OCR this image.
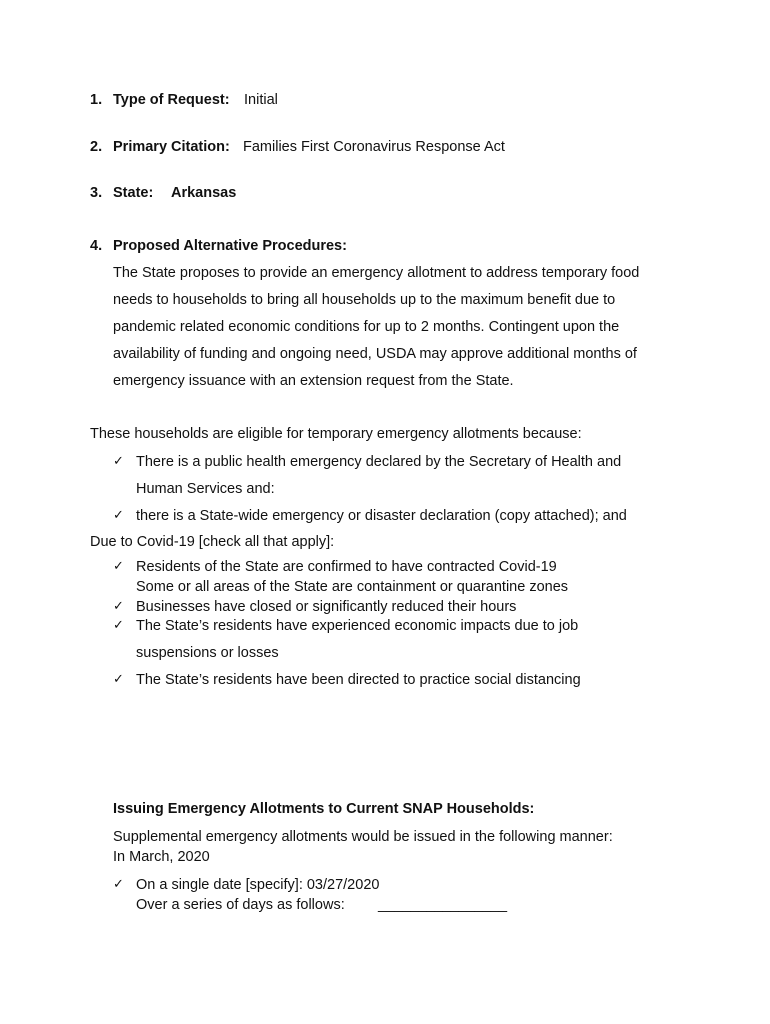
1. Type of Request: Initial
2. Primary Citation: Families First Coronavirus Response Act
3. State: Arkansas
4. Proposed Alternative Procedures:
The State proposes to provide an emergency allotment to address temporary food
needs to households to bring all households up to the maximum benefit due to
pandemic related economic conditions for up to 2 months. Contingent upon the
availability of funding and ongoing need, USDA may approve additional months of
emergency issuance with an extension request from the State.
These households are eligible for temporary emergency allotments because:
✓ There is a public health emergency declared by the Secretary of Health and
Human Services and:
✓ there is a State-wide emergency or disaster declaration (copy attached); and
Due to Covid-19 [check all that apply]:
✓ Residents of the State are confirmed to have contracted Covid-19
Some or all areas of the State are containment or quarantine zones
✓ Businesses have closed or significantly reduced their hours
✓ The State’s residents have experienced economic impacts due to job
suspensions or losses
✓ The State’s residents have been directed to practice social distancing
Issuing Emergency Allotments to Current SNAP Households:
Supplemental emergency allotments would be issued in the following manner:
In March, 2020
✓ On a single date [specify]: 03/27/2020
Over a series of days as follows: ________________
